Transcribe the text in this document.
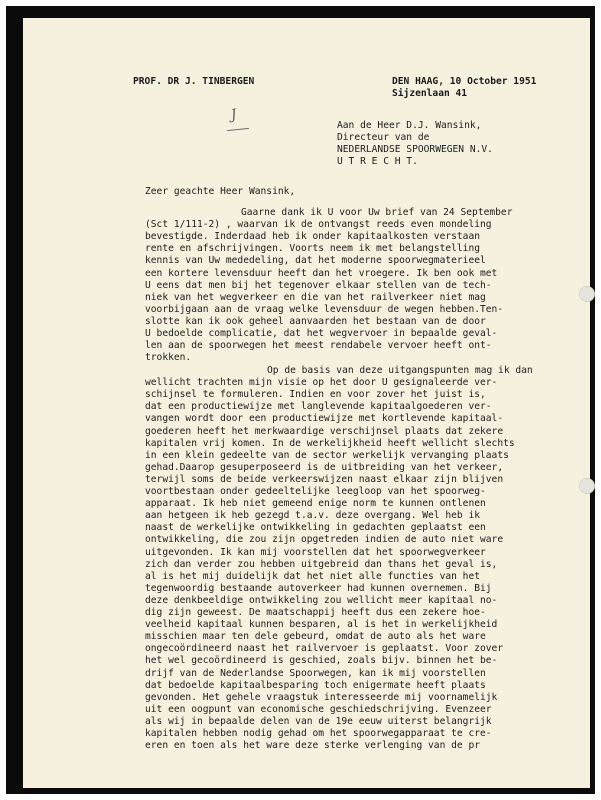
PROF. DR J. TINBERGEN	DEN HAAG, 10 October 1951
Sijzenlaan 41
J
Aan de Heer D.J. Wansink,
Directeur van de
NEDERLANDSE SPOORWEGEN N.V.
U T R E C H T.
Zeer geachte Heer Wansink,
Gaarne dank ik U voor Uw brief van 24 September
(Sct 1/111-2) , waarvan ik de ontvangst reeds even mondeling
bevestigde. Inderdaad heb ik onder kapitaalkosten verstaan
rente en afschrijvingen. Voorts neem ik met belangstelling
kennis van Uw mededeling, dat het moderne spoorwegmaterieel
een kortere levensduur heeft dan het vroegere. Ik ben ook met
U eens dat men bij het tegenover elkaar stellen van de tech-
niek van het wegverkeer en die van het railverkeer niet mag
voorbijgaan aan de vraag welke levensduur de wegen hebben.Ten-
slotte kan ik ook geheel aanvaarden het bestaan van de door
U bedoelde complicatie, dat het wegvervoer in bepaalde geval-
len aan de spoorwegen het meest rendabele vervoer heeft ont-
trokken.
Op de basis van deze uitgangspunten mag ik dan
wellicht trachten mijn visie op het door U gesignaleerde ver-
schijnsel te formuleren. Indien en voor zover het juist is,
dat een productiewijze met langlevende kapitaalgoederen ver-
vangen wordt door een productiewijze met kortlevende kapitaal-
goederen heeft het merkwaardige verschijnsel plaats dat zekere
kapitalen vrij komen. In de werkelijkheid heeft wellicht slechts
in een klein gedeelte van de sector werkelijk vervanging plaats
gehad.Daarop gesuperposeerd is de uitbreiding van het verkeer,
terwijl soms de beide verkeerswijzen naast elkaar zijn blijven
voortbestaan onder gedeeltelijke leegloop van het spoorweg-
apparaat. Ik heb niet gemeend enige norm te kunnen ontlenen
aan hetgeen ik heb gezegd t.a.v. deze overgang. Wel heb ik
naast de werkelijke ontwikkeling in gedachten geplaatst een
ontwikkeling, die zou zijn opgetreden indien de auto niet ware
uitgevonden. Ik kan mij voorstellen dat het spoorwegverkeer
zich dan verder zou hebben uitgebreid dan thans het geval is,
al is het mij duidelijk dat het niet alle functies van het
tegenwoordig bestaande autoverkeer had kunnen overnemen. Bij
deze denkbeeldige ontwikkeling zou wellicht meer kapitaal no-
dig zijn geweest. De maatschappij heeft dus een zekere hoe-
veelheid kapitaal kunnen besparen, al is het in werkelijkheid
misschien maar ten dele gebeurd, omdat de auto als het ware
ongecoördineerd naast het railvervoer is geplaatst. Voor zover
het wel gecoördineerd is geschied, zoals bijv. binnen het be-
drijf van de Nederlandse Spoorwegen, kan ik mij voorstellen
dat bedoelde kapitaalbesparing toch enigermate heeft plaats
gevonden. Het gehele vraagstuk interesseerde mij voornamelijk
uit een oogpunt van economische geschiedschrijving. Evenzeer
als wij in bepaalde delen van de 19e eeuw uiterst belangrijk
kapitalen hebben nodig gehad om het spoorwegapparaat te cre-
eren en toen als het ware deze sterke verlenging van de pr
